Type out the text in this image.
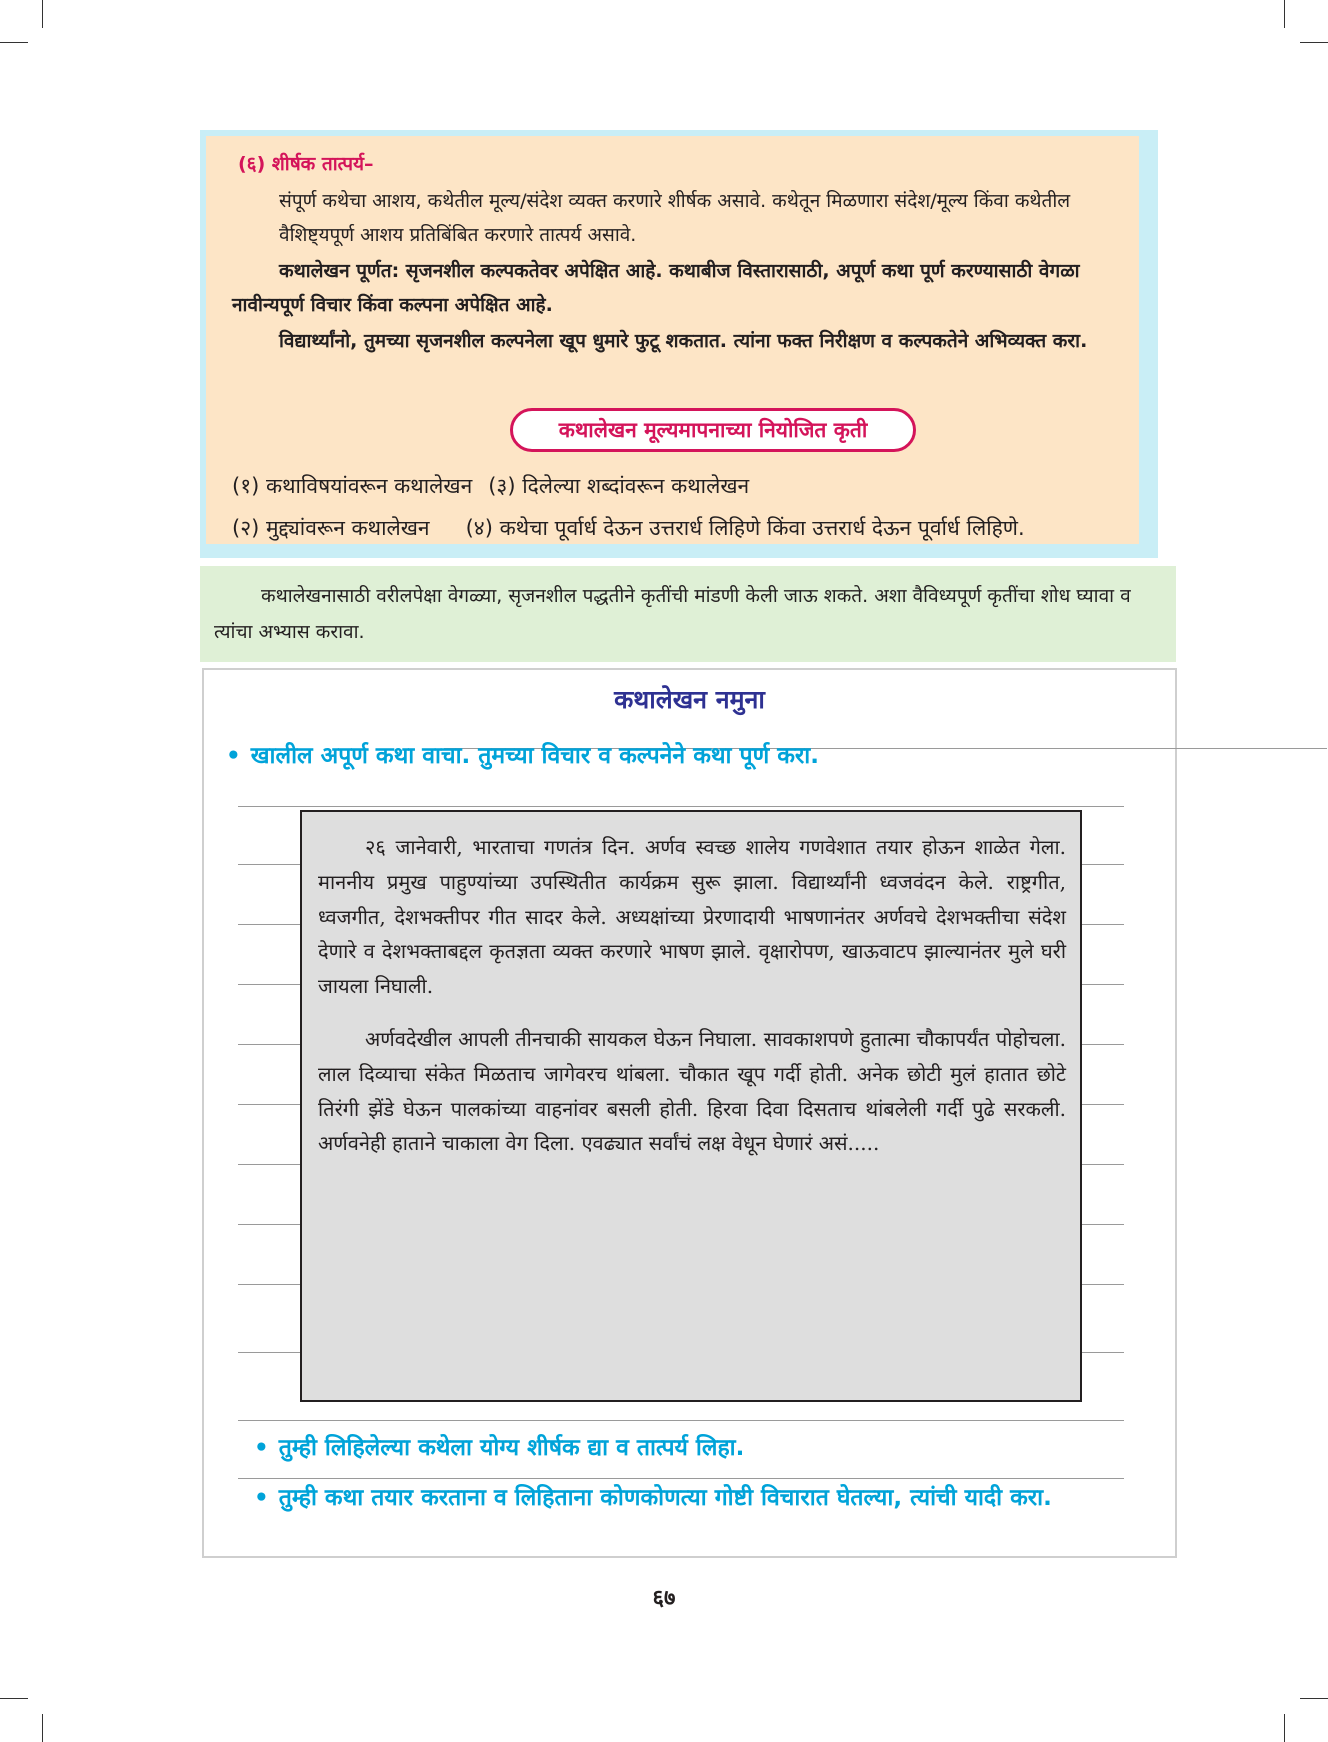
(६) शीर्षक तात्पर्य–

संपूर्ण कथेचा आशय, कथेतील मूल्य/संदेश व्यक्त करणारे शीर्षक असावे. कथेतून मिळणारा संदेश/मूल्य किंवा कथेतील वैशिष्ट्यपूर्ण आशय प्रतिबिंबित करणारे तात्पर्य असावे.

कथालेखन पूर्णत: सृजनशील कल्पकतेवर अपेक्षित आहे. कथाबीज विस्तारासाठी, अपूर्ण कथा पूर्ण करण्यासाठी वेगळा नावीन्यपूर्ण विचार किंवा कल्पना अपेक्षित आहे.

विद्यार्थ्यांनो, तुमच्या सृजनशील कल्पनेला खूप धुमारे फुटू शकतात. त्यांना फक्त निरीक्षण व कल्पकतेने अभिव्यक्त करा.

कथालेखन मूल्यमापनाच्या नियोजित कृती

(१) कथाविषयांवरून कथालेखन (३) दिलेल्या शब्दांवरून कथालेखन

(२) मुद्द्यांवरून कथालेखन (४) कथेचा पूर्वार्ध देऊन उत्तरार्ध लिहिणे किंवा उत्तरार्ध देऊन पूर्वार्ध लिहिणे.

कथालेखनासाठी वरीलपेक्षा वेगळ्या, सृजनशील पद्धतीने कृतींची मांडणी केली जाऊ शकते. अशा वैविध्यपूर्ण कृतींचा शोध घ्यावा व त्यांचा अभ्यास करावा.

कथालेखन नमुना

• खालील अपूर्ण कथा वाचा. तुमच्या विचार व कल्पनेने कथा पूर्ण करा.

२६ जानेवारी, भारताचा गणतंत्र दिन. अर्णव स्वच्छ शालेय गणवेशात तयार होऊन शाळेत गेला. माननीय प्रमुख पाहुण्यांच्या उपस्थितीत कार्यक्रम सुरू झाला. विद्यार्थ्यांनी ध्वजवंदन केले. राष्ट्रगीत, ध्वजगीत, देशभक्तीपर गीत सादर केले. अध्यक्षांच्या प्रेरणादायी भाषणानंतर अर्णवचे देशभक्तीचा संदेश देणारे व देशभक्ताबद्दल कृतज्ञता व्यक्त करणारे भाषण झाले. वृक्षारोपण, खाऊवाटप झाल्यानंतर मुले घरी जायला निघाली.

अर्णवदेखील आपली तीनचाकी सायकल घेऊन निघाला. सावकाशपणे हुतात्मा चौकापर्यंत पोहोचला. लाल दिव्याचा संकेत मिळताच जागेवरच थांबला. चौकात खूप गर्दी होती. अनेक छोटी मुलं हातात छोटे तिरंगी झेंडे घेऊन पालकांच्या वाहनांवर बसली होती. हिरवा दिवा दिसताच थांबलेली गर्दी पुढे सरकली. अर्णवनेही हाताने चाकाला वेग दिला. एवढ्यात सर्वांचं लक्ष वेधून घेणारं असं.....

• तुम्ही लिहिलेल्या कथेला योग्य शीर्षक द्या व तात्पर्य लिहा.

• तुम्ही कथा तयार करताना व लिहिताना कोणकोणत्या गोष्टी विचारात घेतल्या, त्यांची यादी करा.

६७
